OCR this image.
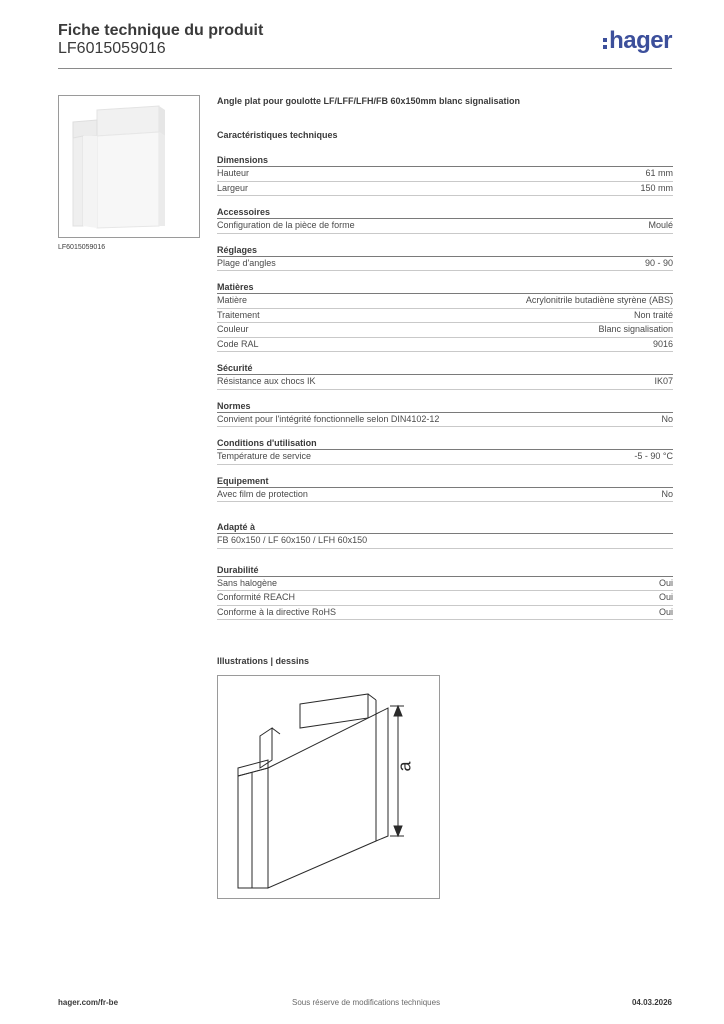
Fiche technique du produit
LF6015059016	hager
LF6015059016
Angle plat pour goulotte LF/LFF/LFH/FB 60x150mm blanc signalisation
Caractéristiques techniques
Dimensions
Hauteur	61 mm
Largeur	150 mm
Accessoires
Configuration de la pièce de forme	Moulé
Réglages
Plage d'angles	90 - 90
Matières
Matière	Acrylonitrile butadiène styrène (ABS)
Traitement	Non traité
Couleur	Blanc signalisation
Code RAL	9016
Sécurité
Résistance aux chocs IK	IK07
Normes
Convient pour l'intégrité fonctionnelle selon DIN4102-12	No
Conditions d'utilisation
Température de service	-5 - 90 °C
Equipement
Avec film de protection	No
Adapté à
FB 60x150 / LF 60x150 / LFH 60x150
Durabilité
Sans halogène	Oui
Conformité REACH	Oui
Conforme à la directive RoHS	Oui
Illustrations | dessins
a
hager.com/fr-be	Sous réserve de modifications techniques	04.03.2026
